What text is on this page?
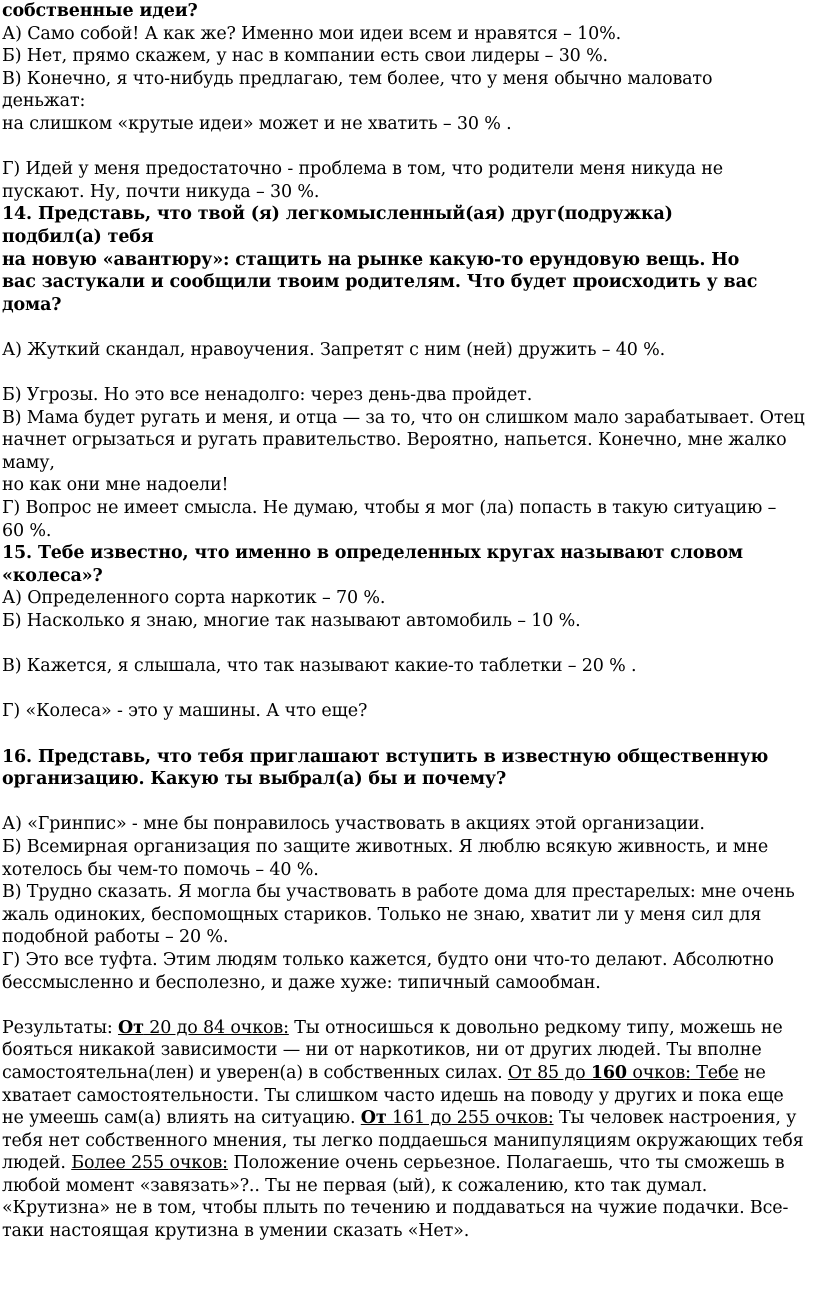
собственные идеи?
А) Само собой! А как же? Именно мои идеи всем и нравятся – 10%.
Б) Нет, прямо скажем, у нас в компании есть свои лидеры – 30 %.
В) Конечно, я что-нибудь предлагаю, тем более, что у меня обычно маловато
деньжат:
на слишком «крутые идеи» может и не хватить – 30 % .
Г) Идей у меня предостаточно - проблема в том, что родители меня никуда не
пускают. Ну, почти никуда – 30 %.
14. Представь, что твой (я) легкомысленный(ая) друг(подружка)
подбил(а) тебя
на новую «авантюру»: стащить на рынке какую-то ерундовую вещь. Но
вас застукали и сообщили твоим родителям. Что будет происходить у вас
дома?
А) Жуткий скандал, нравоучения. Запретят с ним (ней) дружить – 40 %.
Б) Угрозы. Но это все ненадолго: через день-два пройдет.
В) Мама будет ругать и меня, и отца — за то, что он слишком мало зарабатывает. Отец
начнет огрызаться и ругать правительство. Вероятно, напьется. Конечно, мне жалко
маму,
но как они мне надоели!
Г) Вопрос не имеет смысла. Не думаю, чтобы я мог (ла) попасть в такую ситуацию –
60 %.
15. Тебе известно, что именно в определенных кругах называют словом
«колеса»?
А) Определенного сорта наркотик – 70 %.
Б) Насколько я знаю, многие так называют автомобиль – 10 %.
В) Кажется, я слышала, что так называют какие-то таблетки – 20 % .
Г) «Колеса» - это у машины. А что еще?
16. Представь, что тебя приглашают вступить в известную общественную
организацию. Какую ты выбрал(а) бы и почему?
А) «Гринпис» - мне бы понравилось участвовать в акциях этой организации.
Б) Всемирная организация по защите животных. Я люблю всякую живность, и мне
хотелось бы чем-то помочь – 40 %.
В) Трудно сказать. Я могла бы участвовать в работе дома для престарелых: мне очень
жаль одиноких, беспомощных стариков. Только не знаю, хватит ли у меня сил для
подобной работы – 20 %.
Г) Это все туфта. Этим людям только кажется, будто они что-то делают. Абсолютно
бессмысленно и бесполезно, и даже хуже: типичный самообман.
Результаты: От 20 до 84 очков: Ты относишься к довольно редкому типу, можешь не
бояться никакой зависимости — ни от наркотиков, ни от других людей. Ты вполне
самостоятельна(лен) и уверен(а) в собственных силах. От 85 до 160 очков: Тебе не
хватает самостоятельности. Ты слишком часто идешь на поводу у других и пока еще
не умеешь сам(а) влиять на ситуацию. От 161 до 255 очков: Ты человек настроения, у
тебя нет собственного мнения, ты легко поддаешься манипуляциям окружающих тебя
людей. Более 255 очков: Положение очень серьезное. Полагаешь, что ты сможешь в
любой момент «завязать»?.. Ты не первая (ый), к сожалению, кто так думал.
«Крутизна» не в том, чтобы плыть по течению и поддаваться на чужие подачки. Все-
таки настоящая крутизна в умении сказать «Нет».
